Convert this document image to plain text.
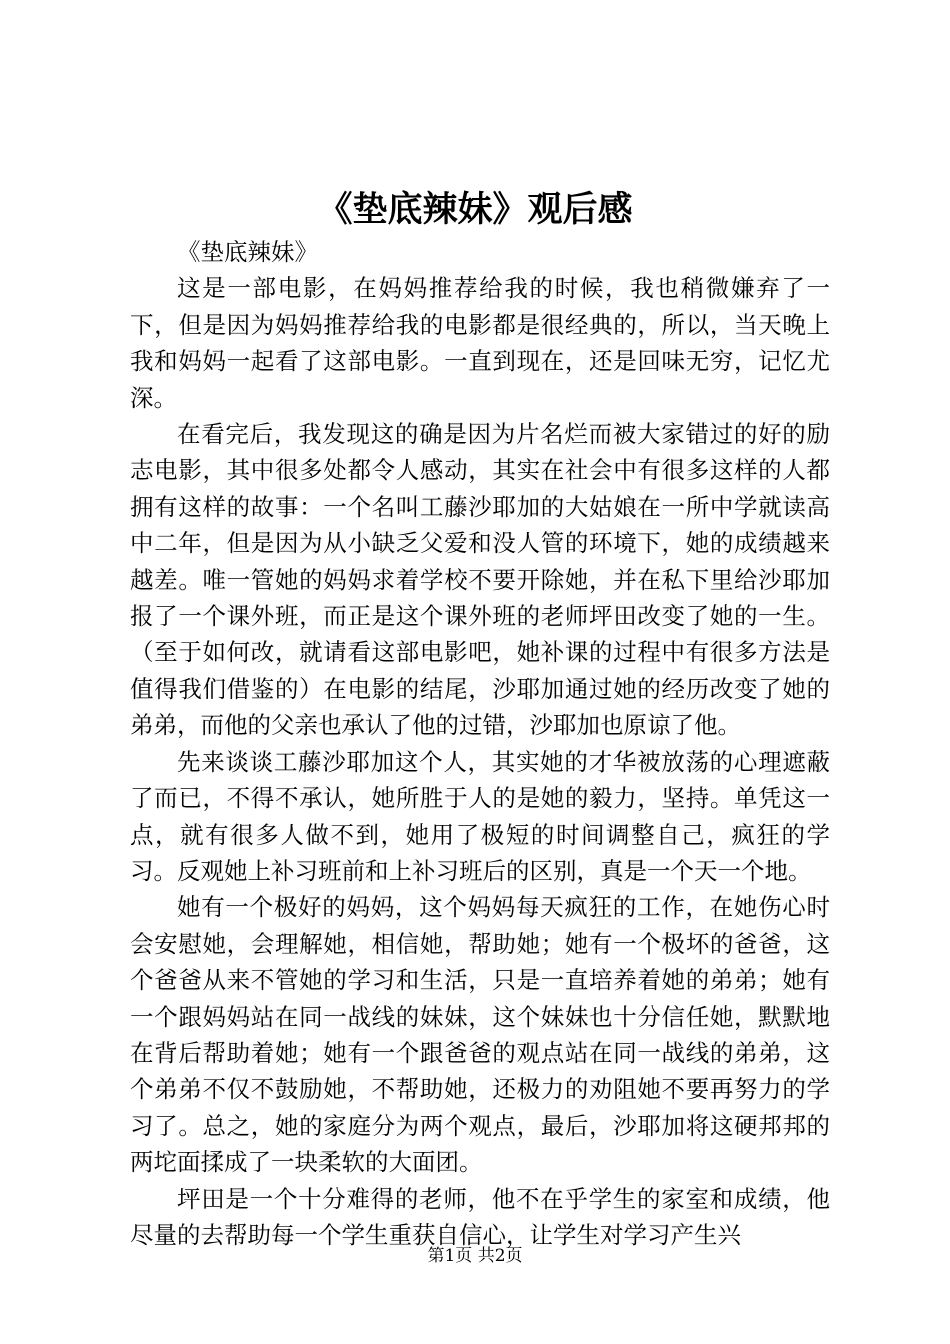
《垫底辣妹》观后感

《垫底辣妹》

这是一部电影，在妈妈推荐给我的时候，我也稍微嫌弃了一下，但是因为妈妈推荐给我的电影都是很经典的，所以，当天晚上我和妈妈一起看了这部电影。一直到现在，还是回味无穷，记忆尤深。

在看完后，我发现这的确是因为片名烂而被大家错过的好的励志电影，其中很多处都令人感动，其实在社会中有很多这样的人都拥有这样的故事：一个名叫工藤沙耶加的大姑娘在一所中学就读高中二年，但是因为从小缺乏父爱和没人管的环境下，她的成绩越来越差。唯一管她的妈妈求着学校不要开除她，并在私下里给沙耶加报了一个课外班，而正是这个课外班的老师坪田改变了她的一生。（至于如何改，就请看这部电影吧，她补课的过程中有很多方法是值得我们借鉴的）在电影的结尾，沙耶加通过她的经历改变了她的弟弟，而他的父亲也承认了他的过错，沙耶加也原谅了他。

先来谈谈工藤沙耶加这个人，其实她的才华被放荡的心理遮蔽了而已，不得不承认，她所胜于人的是她的毅力，坚持。单凭这一点，就有很多人做不到，她用了极短的时间调整自己，疯狂的学习。反观她上补习班前和上补习班后的区别，真是一个天一个地。

她有一个极好的妈妈，这个妈妈每天疯狂的工作，在她伤心时会安慰她，会理解她，相信她，帮助她；她有一个极坏的爸爸，这个爸爸从来不管她的学习和生活，只是一直培养着她的弟弟；她有一个跟妈妈站在同一战线的妹妹，这个妹妹也十分信任她，默默地在背后帮助着她；她有一个跟爸爸的观点站在同一战线的弟弟，这个弟弟不仅不鼓励她，不帮助她，还极力的劝阻她不要再努力的学习了。总之，她的家庭分为两个观点，最后，沙耶加将这硬邦邦的两坨面揉成了一块柔软的大面团。

坪田是一个十分难得的老师，他不在乎学生的家室和成绩，他尽量的去帮助每一个学生重获自信心，让学生对学习产生兴

第1页 共2页
